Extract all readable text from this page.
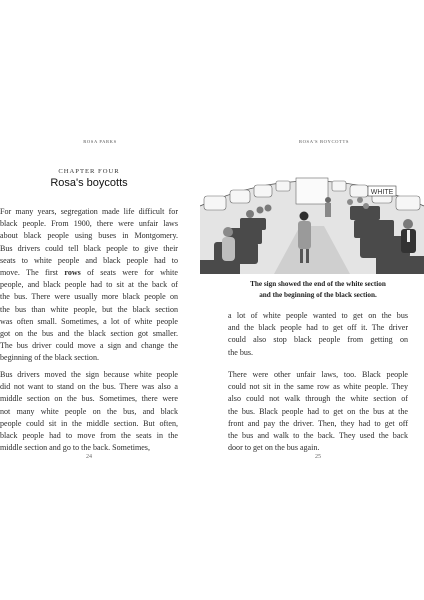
ROSA PARKS
CHAPTER FOUR
Rosa's boycotts

For many years, segregation made life difficult for
black people. From 1900, there were unfair laws
about black people using buses in Montgomery.
Bus drivers could tell black people to give their
seats to white people and black people had to
move. The first rows of seats were for white
people, and black people had to sit at the back of
the bus. There were usually more black people on
the bus than white people, but the black section
was often small. Sometimes, a lot of white people
got on the bus and the black section got smaller.
The bus driver could move a sign and change the
beginning of the black section.

Bus drivers moved the sign because white people
did not want to stand on the bus. There was also a
middle section on the bus. Sometimes, there were
not many white people on the bus, and black
people could sit in the middle section. But often,
black people had to move from the seats in the
middle section and go to the back. Sometimes,

24
ROSA'S BOYCOTTS
The sign showed the end of the white section
and the beginning of the black section.

a lot of white people wanted to get on the bus
and the black people had to get off it. The driver
could also stop black people from getting on
the bus.

There were other unfair laws, too. Black people
could not sit in the same row as white people. They
also could not walk through the white section of
the bus. Black people had to get on the bus at the
front and pay the driver. Then, they had to get off
the bus and walk to the back. They used the back
door to get on the bus again.

25
WHITE
